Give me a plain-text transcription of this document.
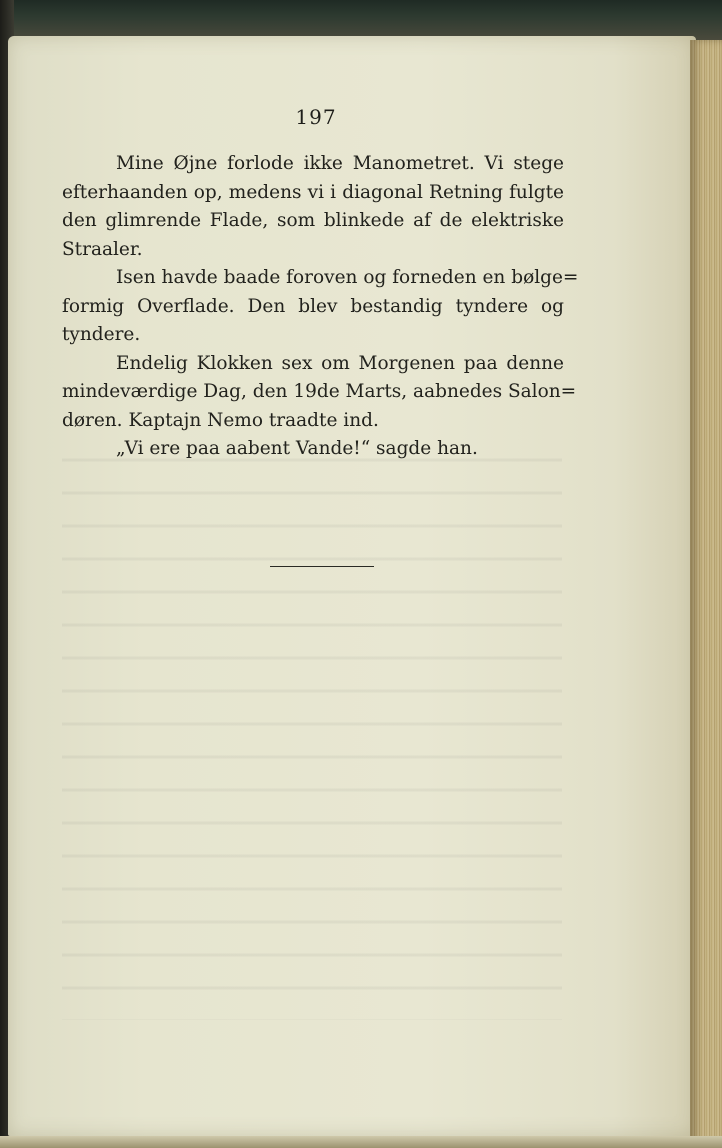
197
Mine Øjne forlode ikke Manometret. Vi stege
efterhaanden op, medens vi i diagonal Retning fulgte
den glimrende Flade, som blinkede af de elektriske
Straaler.
Isen havde baade foroven og forneden en bølge=
formig Overflade. Den blev bestandig tyndere og
tyndere.
Endelig Klokken sex om Morgenen paa denne
mindeværdige Dag, den 19de Marts, aabnedes Salon=
døren. Kaptajn Nemo traadte ind.
„Vi ere paa aabent Vande!“ sagde han.
